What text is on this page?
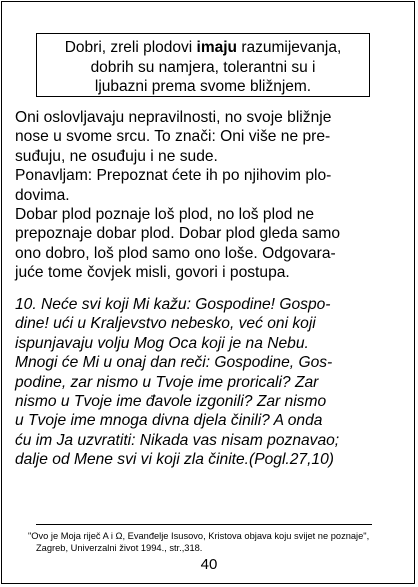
Dobri, zreli plodovi imaju razumijevanja,
dobrih su namjera, tolerantni su i
ljubazni prema svome bližnjem.

Oni oslovljavaju nepravilnosti, no svoje bližnje

nose u svome srcu. To znači: Oni više ne pre-

suđuju, ne osuđuju i ne sude.

Ponavljam: Prepoznat ćete ih po njihovim plo-

dovima.

Dobar plod poznaje loš plod, no loš plod ne

prepoznaje dobar plod. Dobar plod gleda samo

ono dobro, loš plod samo ono loše. Odgovara-

juće tome čovjek misli, govori i postupa.

10. Neće svi koji Mi kažu: Gospodine! Gospo-
dine! ući u Kraljevstvo nebesko, već oni koji
ispunjavaju volju Mog Oca koji je na Nebu.
Mnogi će Mi u onaj dan reči: Gospodine, Gos-
podine, zar nismo u Tvoje ime proricali? Zar
nismo u Tvoje ime đavole izgonili? Zar nismo
u Tvoje ime mnoga divna djela činili? A onda
ću im Ja uzvratiti: Nikada vas nisam poznavao;
dalje od Mene svi vi koji zla činite.(Pogl.27,10)
"Ovo je Moja riječ A i Ω, Evanđelje Isusovo, Kristova objava koju svijet ne poznaje",
Zagreb, Univerzalni život 1994., str.,318.
40
